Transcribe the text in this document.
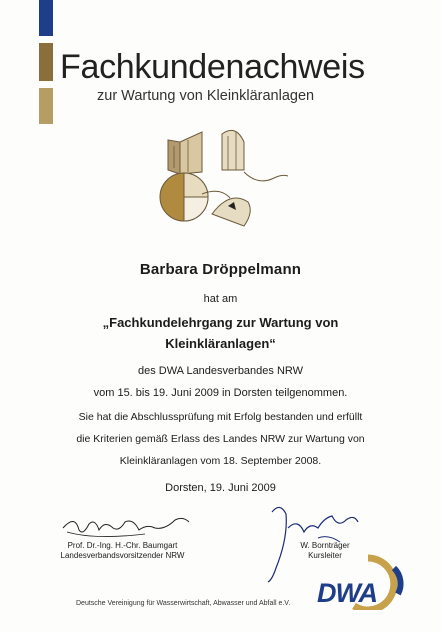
Fachkundenachweis
zur Wartung von Kleinkläranlagen
Barbara Dröppelmann
hat am
„Fachkundelehrgang zur Wartung von
Kleinkläranlagen“
des DWA Landesverbandes NRW
vom 15. bis 19. Juni 2009 in Dorsten teilgenommen.
Sie hat die Abschlussprüfung mit Erfolg bestanden und erfüllt
die Kriterien gemäß Erlass des Landes NRW zur Wartung von
Kleinkläranlagen vom 18. September 2008.
Dorsten, 19. Juni 2009
Prof. Dr.-Ing. H.-Chr. Baumgart
Landesverbandsvorsitzender NRW
W. Bornträger
Kursleiter
DWA
Deutsche Vereinigung für Wasserwirtschaft, Abwasser und Abfall e.V.
